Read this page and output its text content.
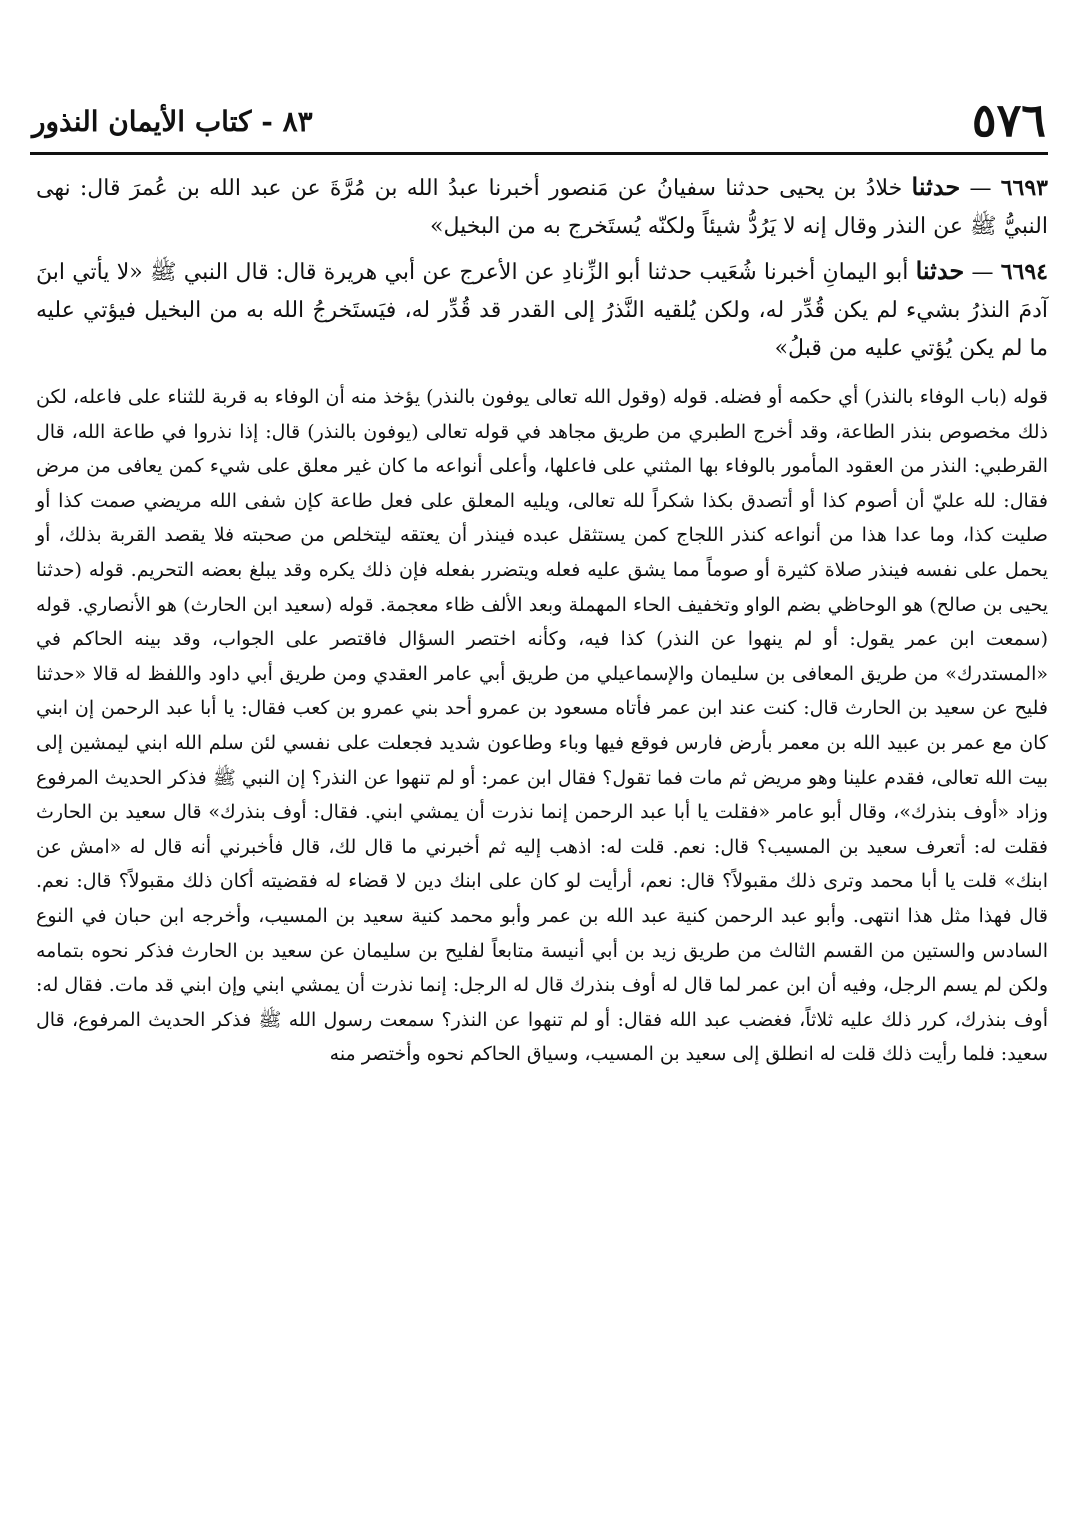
٥٧٦
٨٣ - كتاب الأيمان النذور

٦٦٩٣ — حدثنا خلادُ بن يحيى حدثنا سفيانُ عن مَنصور أخبرنا عبدُ الله بن مُرَّةَ عن عبد الله بن عُمرَ قال: نهى النبيُّ ﷺ عن النذر وقال إنه لا يَرُدُّ شيئاً ولكنّه يُستَخرج به من البخيل»

٦٦٩٤ — حدثنا أبو اليمانِ أخبرنا شُعَيب حدثنا أبو الزِّنادِ عن الأعرج عن أبي هريرة قال: قال النبي ﷺ «لا يأتي ابنَ آدمَ النذرُ بشيء لم يكن قُدِّر له، ولكن يُلقيه النَّذرُ إلى القدر قد قُدِّر له، فيَستَخرجُ الله به من البخيل فيؤتي عليه ما لم يكن يُؤتي عليه من قبلُ»

قوله (باب الوفاء بالنذر) أي حكمه أو فضله. قوله (وقول الله تعالى يوفون بالنذر) يؤخذ منه أن الوفاء به قربة للثناء على فاعله، لكن ذلك مخصوص بنذر الطاعة، وقد أخرج الطبري من طريق مجاهد في قوله تعالى (يوفون بالنذر) قال: إذا نذروا في طاعة الله، قال القرطبي: النذر من العقود المأمور بالوفاء بها المثني على فاعلها، وأعلى أنواعه ما كان غير معلق على شيء كمن يعافى من مرض فقال: لله عليّ أن أصوم كذا أو أتصدق بكذا شكراً لله تعالى، ويليه المعلق على فعل طاعة كإن شفى الله مريضي صمت كذا أو صليت كذا، وما عدا هذا من أنواعه كنذر اللجاج كمن يستثقل عبده فينذر أن يعتقه ليتخلص من صحبته فلا يقصد القربة بذلك، أو يحمل على نفسه فينذر صلاة كثيرة أو صوماً مما يشق عليه فعله ويتضرر بفعله فإن ذلك يكره وقد يبلغ بعضه التحريم. قوله (حدثنا يحيى بن صالح) هو الوحاظي بضم الواو وتخفيف الحاء المهملة وبعد الألف ظاء معجمة. قوله (سعيد ابن الحارث) هو الأنصاري. قوله (سمعت ابن عمر يقول: أو لم ينهوا عن النذر) كذا فيه، وكأنه اختصر السؤال فاقتصر على الجواب، وقد بينه الحاكم في «المستدرك» من طريق المعافى بن سليمان والإسماعيلي من طريق أبي عامر العقدي ومن طريق أبي داود واللفظ له قالا «حدثنا فليح عن سعيد بن الحارث قال: كنت عند ابن عمر فأتاه مسعود بن عمرو أحد بني عمرو بن كعب فقال: يا أبا عبد الرحمن إن ابني كان مع عمر بن عبيد الله بن معمر بأرض فارس فوقع فيها وباء وطاعون شديد فجعلت على نفسي لئن سلم الله ابني ليمشين إلى بيت الله تعالى، فقدم علينا وهو مريض ثم مات فما تقول؟ فقال ابن عمر: أو لم تنهوا عن النذر؟ إن النبي ﷺ فذكر الحديث المرفوع وزاد «أوف بنذرك»، وقال أبو عامر «فقلت يا أبا عبد الرحمن إنما نذرت أن يمشي ابني. فقال: أوف بنذرك» قال سعيد بن الحارث فقلت له: أتعرف سعيد بن المسيب؟ قال: نعم. قلت له: اذهب إليه ثم أخبرني ما قال لك، قال فأخبرني أنه قال له «امش عن ابنك» قلت يا أبا محمد وترى ذلك مقبولاً؟ قال: نعم، أرأيت لو كان على ابنك دين لا قضاء له فقضيته أكان ذلك مقبولاً؟ قال: نعم. قال فهذا مثل هذا انتهى. وأبو عبد الرحمن كنية عبد الله بن عمر وأبو محمد كنية سعيد بن المسيب، وأخرجه ابن حبان في النوع السادس والستين من القسم الثالث من طريق زيد بن أبي أنيسة متابعاً لفليح بن سليمان عن سعيد بن الحارث فذكر نحوه بتمامه ولكن لم يسم الرجل، وفيه أن ابن عمر لما قال له أوف بنذرك قال له الرجل: إنما نذرت أن يمشي ابني وإن ابني قد مات. فقال له: أوف بنذرك، كرر ذلك عليه ثلاثاً، فغضب عبد الله فقال: أو لم تنهوا عن النذر؟ سمعت رسول الله ﷺ فذكر الحديث المرفوع، قال سعيد: فلما رأيت ذلك قلت له انطلق إلى سعيد بن المسيب، وسياق الحاكم نحوه وأختصر منه
